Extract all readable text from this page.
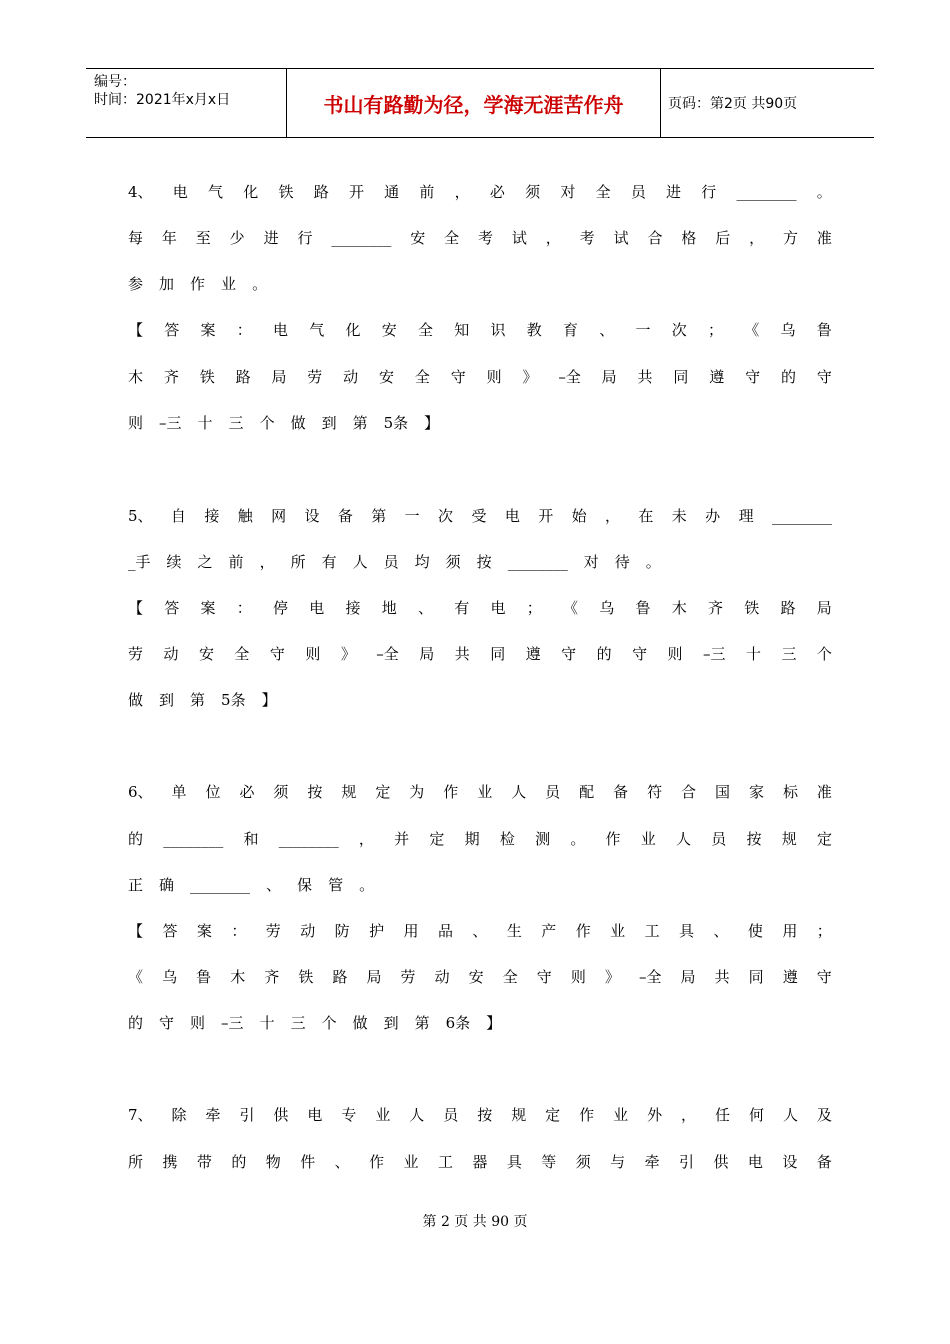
编号：
时间：2021年x月x日	书山有路勤为径，学海无涯苦作舟	页码：第2页 共90页
4、 电 气 化 铁 路 开 通 前 ， 必 须 对 全 员 进 行 ________ 。
每 年 至 少 进 行 ________ 安 全 考 试 ， 考 试 合 格 后 ， 方 准
参 加 作 业 。
【 答 案 ： 电 气 化 安 全 知 识 教 育 、 一 次 ； 《 乌 鲁
木 齐 铁 路 局 劳 动 安 全 守 则 》 –全 局 共 同 遵 守 的 守
则 –三 十 三 个 做 到 第 5条 】
5、 自 接 触 网 设 备 第 一 次 受 电 开 始 ， 在 未 办 理 ________
_手 续 之 前 ， 所 有 人 员 均 须 按 ________ 对 待 。
【 答 案 ： 停 电 接 地 、 有 电 ； 《 乌 鲁 木 齐 铁 路 局
劳 动 安 全 守 则 》 –全 局 共 同 遵 守 的 守 则 –三 十 三 个
做 到 第 5条 】
6、 单 位 必 须 按 规 定 为 作 业 人 员 配 备 符 合 国 家 标 准
的 ________ 和 ________ ， 并 定 期 检 测 。 作 业 人 员 按 规 定
正 确 ________ 、 保 管 。
【 答 案 ： 劳 动 防 护 用 品 、 生 产 作 业 工 具 、 使 用 ；
《 乌 鲁 木 齐 铁 路 局 劳 动 安 全 守 则 》 –全 局 共 同 遵 守
的 守 则 –三 十 三 个 做 到 第 6条 】
7、 除 牵 引 供 电 专 业 人 员 按 规 定 作 业 外 ， 任 何 人 及
所 携 带 的 物 件 、 作 业 工 器 具 等 须 与 牵 引 供 电 设 备
第 2 页 共 90 页
